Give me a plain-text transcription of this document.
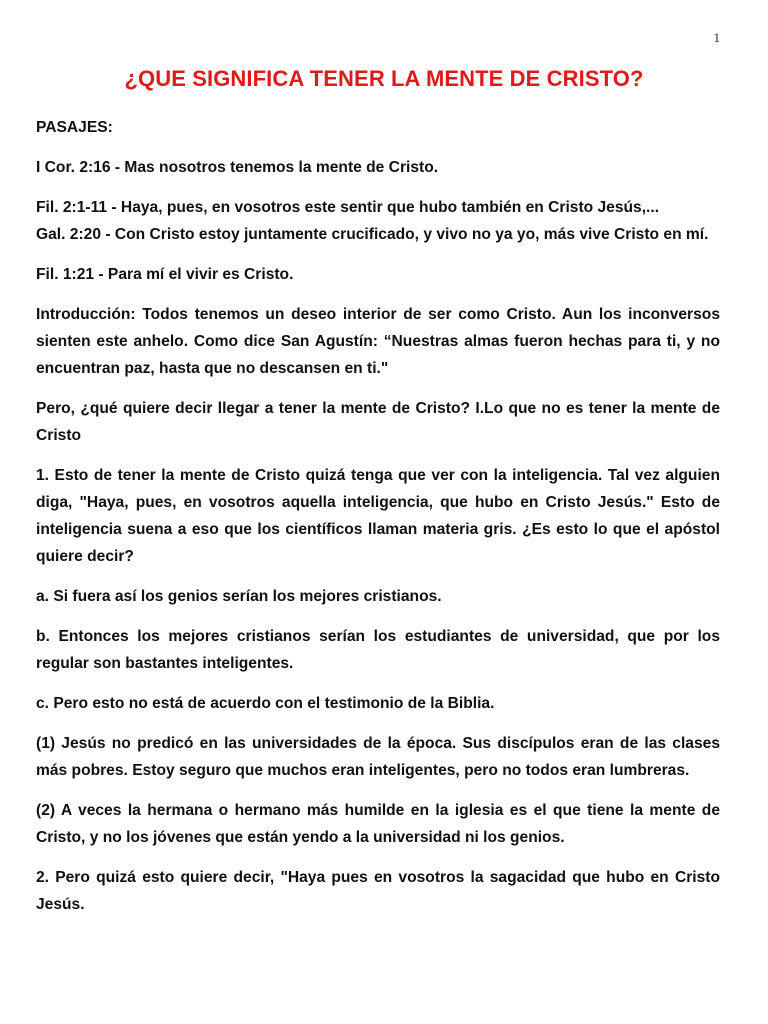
1
¿QUE SIGNIFICA TENER LA MENTE DE CRISTO?

PASAJES:

I Cor. 2:16 - Mas nosotros tenemos la mente de Cristo.

Fil. 2:1-11 - Haya, pues, en vosotros este sentir que hubo también en Cristo Jesús,...

Gal. 2:20 - Con Cristo estoy juntamente crucificado, y vivo no ya yo, más vive Cristo en mí.

Fil. 1:21 - Para mí el vivir es Cristo.

Introducción: Todos tenemos un deseo interior de ser como Cristo. Aun los inconversos sienten este anhelo. Como dice San Agustín: “Nuestras almas fueron hechas para ti, y no encuentran paz, hasta que no descansen en ti."

Pero, ¿qué quiere decir llegar a tener la mente de Cristo? I.Lo que no es tener la mente de Cristo

1. Esto de tener la mente de Cristo quizá tenga que ver con la inteligencia. Tal vez alguien diga, "Haya, pues, en vosotros aquella inteligencia, que hubo en Cristo Jesús." Esto de inteligencia suena a eso que los científicos llaman materia gris. ¿Es esto lo que el apóstol quiere decir?

a. Si fuera así los genios serían los mejores cristianos.

b. Entonces los mejores cristianos serían los estudiantes de universidad, que por los regular son bastantes inteligentes.

c. Pero esto no está de acuerdo con el testimonio de la Biblia.

(1) Jesús no predicó en las universidades de la época. Sus discípulos eran de las clases más pobres. Estoy seguro que muchos eran inteligentes, pero no todos eran lumbreras.

(2) A veces la hermana o hermano más humilde en la iglesia es el que tiene la mente de Cristo, y no los jóvenes que están yendo a la universidad ni los genios.

2. Pero quizá esto quiere decir, "Haya pues en vosotros la sagacidad que hubo en Cristo Jesús.
